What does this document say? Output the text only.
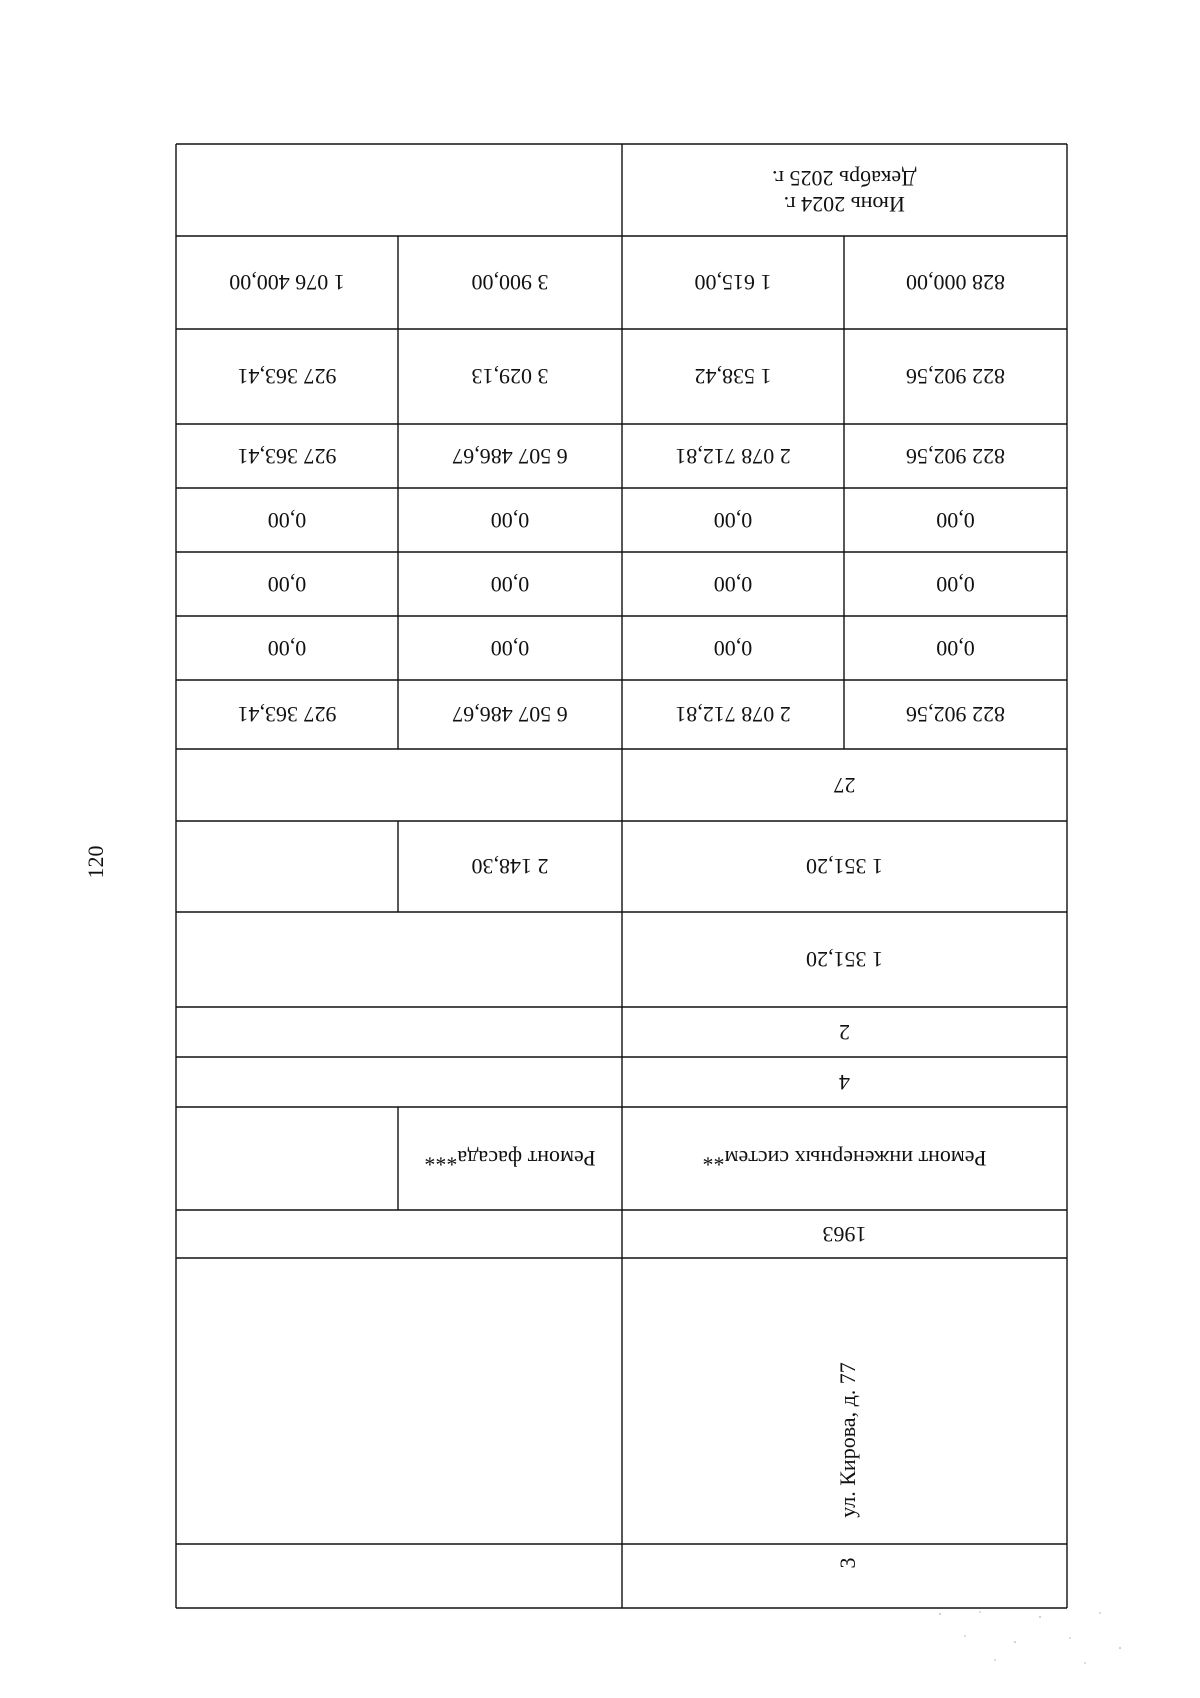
120
Июнь 2024 г.
Декабрь 2025 г.
822 902,56
2 078 712,81
6 507 486,67
927 363,41
0,00
0,00
0,00
0,00
0,00
0,00
0,00
0,00
0,00
0,00
0,00
0,00
822 902,56
2 078 712,81
6 507 486,67
927 363,41
822 902,56
1 538,42
3 029,13
927 363,41
828 000,00
1 615,00
3 900,00
1 076 400,00
27
1 351,20
2 148,30
1 351,20
2
4
Ремонт инженерных систем**
Ремонт фасада***
1963
ул. Кирова, д. 77
3
